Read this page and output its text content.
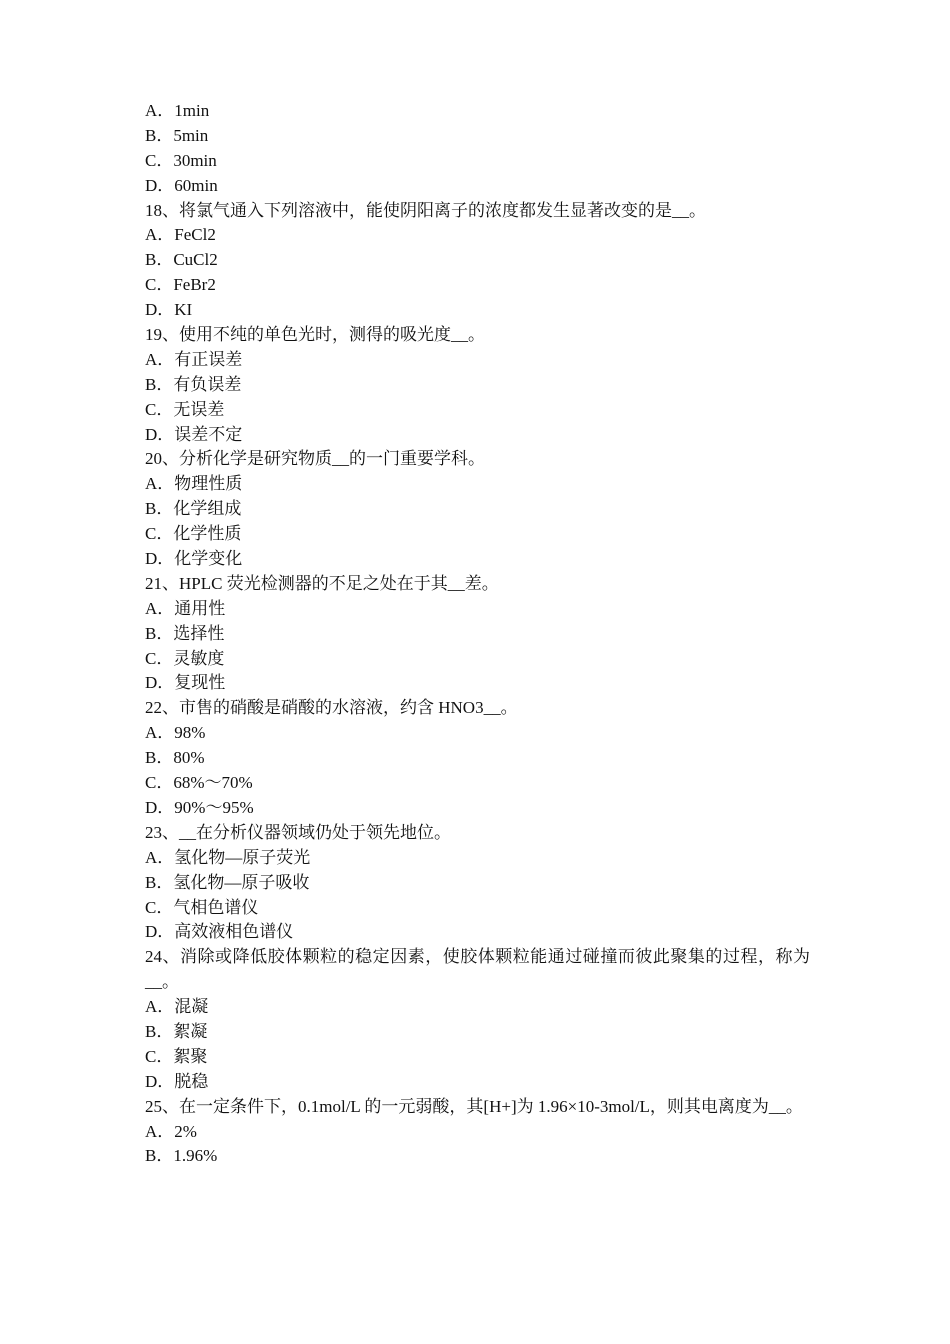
A．1min
B．5min
C．30min
D．60min
18、将氯气通入下列溶液中，能使阴阳离子的浓度都发生显著改变的是__。
A．FeCl2
B．CuCl2
C．FeBr2
D．KI
19、使用不纯的单色光时，测得的吸光度__。
A．有正误差
B．有负误差
C．无误差
D．误差不定
20、分析化学是研究物质__的一门重要学科。
A．物理性质
B．化学组成
C．化学性质
D．化学变化
21、HPLC 荧光检测器的不足之处在于其__差。
A．通用性
B．选择性
C．灵敏度
D．复现性
22、市售的硝酸是硝酸的水溶液，约含 HNO3__。
A．98%
B．80%
C．68%～70%
D．90%～95%
23、__在分析仪器领域仍处于领先地位。
A．氢化物—原子荧光
B．氢化物—原子吸收
C．气相色谱仪
D．高效液相色谱仪
24、消除或降低胶体颗粒的稳定因素，使胶体颗粒能通过碰撞而彼此聚集的过程，称为__。
A．混凝
B．絮凝
C．絮聚
D．脱稳
25、在一定条件下，0.1mol/L 的一元弱酸，其[H+]为 1.96×10-3mol/L，则其电离度为__。
A．2%
B．1.96%
